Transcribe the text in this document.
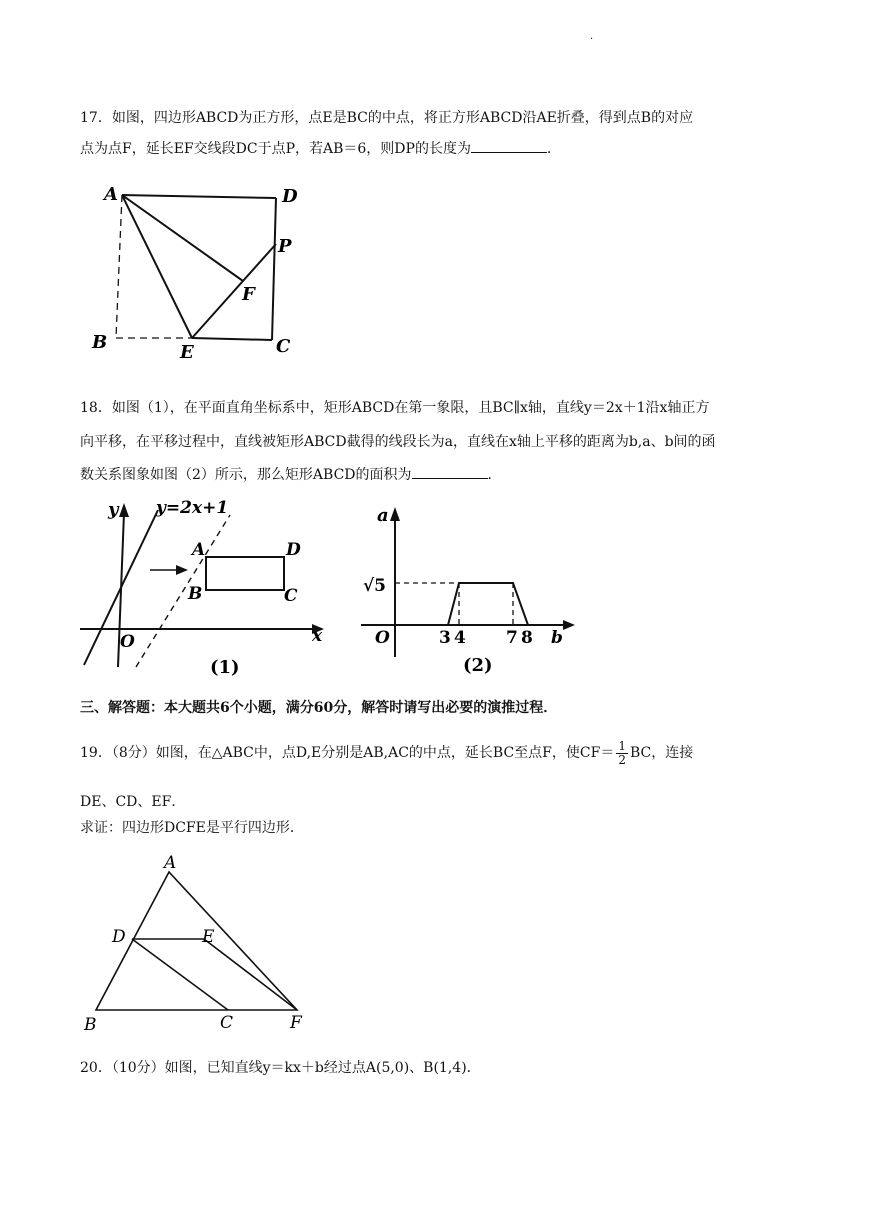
·
17．如图，四边形ABCD为正方形，点E是BC的中点，将正方形ABCD沿AE折叠，得到点B的对应
点为点F，延长EF交线段DC于点P，若AB＝6，则DP的长度为	．
A	D
P
F
B	E	C
18．如图（1），在平面直角坐标系中，矩形ABCD在第一象限，且BC∥x轴，直线y＝2x＋1沿x轴正方
向平移，在平移过程中，直线被矩形ABCD截得的线段长为a，直线在x轴上平移的距离为b,a、b间的函
数关系图象如图（2）所示，那么矩形ABCD的面积为	．
y y=2x+1
A	D
B	C
O	x
(1)
a
√5
O	3 4 7 8 b
(2)
三、解答题：本大题共6个小题，满分60分，解答时请写出必要的演推过程．
19．（8分）如图，在△ABC中，点D,E分别是AB,AC的中点，延长BC至点F，使$CF= \frac{1}{2}$ BC，连接
DE、CD、EF．
求证：四边形DCFE是平行四边形．
A
D	E
B	C	F
20．（10分）如图，已知直线y＝kx＋b经过点A(5,0)、B(1,4)．
